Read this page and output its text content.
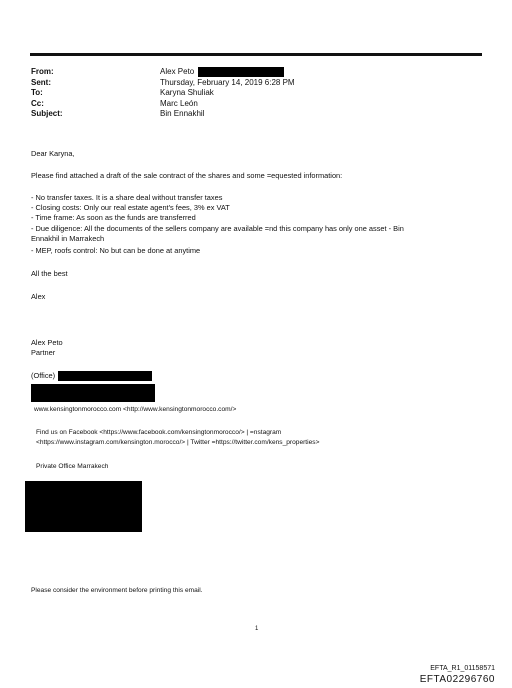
From:	Alex Peto
Sent:	Thursday, February 14, 2019 6:28 PM
To:	Karyna Shuliak
Cc:	Marc León
Subject:	Bin Ennakhil
Dear Karyna,
Please find attached a draft of the sale contract of the shares and some =equested information:
- No transfer taxes. It is a share deal without transfer taxes
- Closing costs: Only our real estate agent's fees, 3% ex VAT
- Time frame: As soon as the funds are transferred
- Due diligence: All the documents of the sellers company are available =nd this company has only one asset - Bin
Ennakhil in Marrakech
- MEP, roofs control: No but can be done at anytime
All the best
Alex
Alex Peto
Partner
(Office)
www.kensingtonmorocco.com <http://www.kensingtonmorocco.com/>
Find us on Facebook <https://www.facebook.com/kensingtonmorocco/> | =nstagram
<https://www.instagram.com/kensington.morocco/> | Twitter =https://twitter.com/kens_properties>
Private Office Marrakech
Please consider the environment before printing this email.
1
EFTA_R1_01158571
EFTA02296760
